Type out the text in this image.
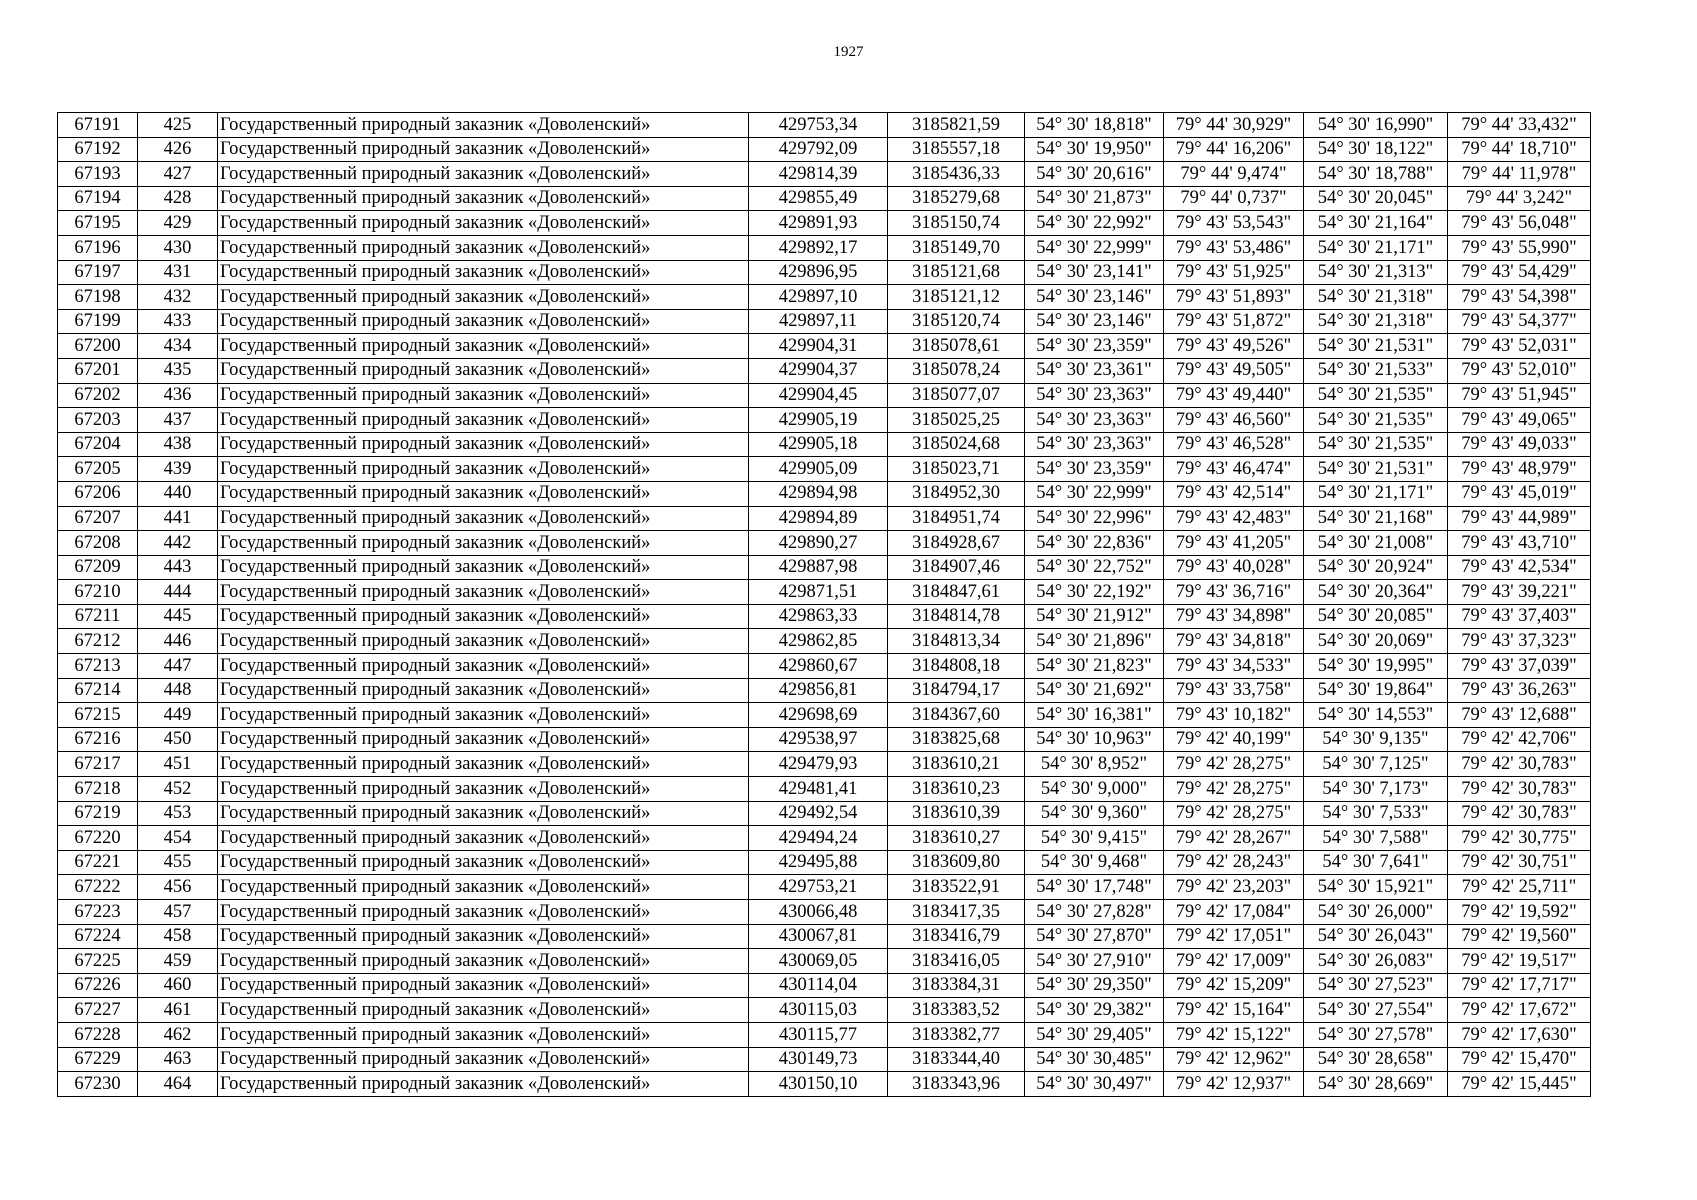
1927
67191	425	Государственный природный заказник «Доволенский»	429753,34	3185821,59	54° 30' 18,818"	79° 44' 30,929"	54° 30' 16,990"	79° 44' 33,432"
67192	426	Государственный природный заказник «Доволенский»	429792,09	3185557,18	54° 30' 19,950"	79° 44' 16,206"	54° 30' 18,122"	79° 44' 18,710"
67193	427	Государственный природный заказник «Доволенский»	429814,39	3185436,33	54° 30' 20,616"	79° 44' 9,474"	54° 30' 18,788"	79° 44' 11,978"
67194	428	Государственный природный заказник «Доволенский»	429855,49	3185279,68	54° 30' 21,873"	79° 44' 0,737"	54° 30' 20,045"	79° 44' 3,242"
67195	429	Государственный природный заказник «Доволенский»	429891,93	3185150,74	54° 30' 22,992"	79° 43' 53,543"	54° 30' 21,164"	79° 43' 56,048"
67196	430	Государственный природный заказник «Доволенский»	429892,17	3185149,70	54° 30' 22,999"	79° 43' 53,486"	54° 30' 21,171"	79° 43' 55,990"
67197	431	Государственный природный заказник «Доволенский»	429896,95	3185121,68	54° 30' 23,141"	79° 43' 51,925"	54° 30' 21,313"	79° 43' 54,429"
67198	432	Государственный природный заказник «Доволенский»	429897,10	3185121,12	54° 30' 23,146"	79° 43' 51,893"	54° 30' 21,318"	79° 43' 54,398"
67199	433	Государственный природный заказник «Доволенский»	429897,11	3185120,74	54° 30' 23,146"	79° 43' 51,872"	54° 30' 21,318"	79° 43' 54,377"
67200	434	Государственный природный заказник «Доволенский»	429904,31	3185078,61	54° 30' 23,359"	79° 43' 49,526"	54° 30' 21,531"	79° 43' 52,031"
67201	435	Государственный природный заказник «Доволенский»	429904,37	3185078,24	54° 30' 23,361"	79° 43' 49,505"	54° 30' 21,533"	79° 43' 52,010"
67202	436	Государственный природный заказник «Доволенский»	429904,45	3185077,07	54° 30' 23,363"	79° 43' 49,440"	54° 30' 21,535"	79° 43' 51,945"
67203	437	Государственный природный заказник «Доволенский»	429905,19	3185025,25	54° 30' 23,363"	79° 43' 46,560"	54° 30' 21,535"	79° 43' 49,065"
67204	438	Государственный природный заказник «Доволенский»	429905,18	3185024,68	54° 30' 23,363"	79° 43' 46,528"	54° 30' 21,535"	79° 43' 49,033"
67205	439	Государственный природный заказник «Доволенский»	429905,09	3185023,71	54° 30' 23,359"	79° 43' 46,474"	54° 30' 21,531"	79° 43' 48,979"
67206	440	Государственный природный заказник «Доволенский»	429894,98	3184952,30	54° 30' 22,999"	79° 43' 42,514"	54° 30' 21,171"	79° 43' 45,019"
67207	441	Государственный природный заказник «Доволенский»	429894,89	3184951,74	54° 30' 22,996"	79° 43' 42,483"	54° 30' 21,168"	79° 43' 44,989"
67208	442	Государственный природный заказник «Доволенский»	429890,27	3184928,67	54° 30' 22,836"	79° 43' 41,205"	54° 30' 21,008"	79° 43' 43,710"
67209	443	Государственный природный заказник «Доволенский»	429887,98	3184907,46	54° 30' 22,752"	79° 43' 40,028"	54° 30' 20,924"	79° 43' 42,534"
67210	444	Государственный природный заказник «Доволенский»	429871,51	3184847,61	54° 30' 22,192"	79° 43' 36,716"	54° 30' 20,364"	79° 43' 39,221"
67211	445	Государственный природный заказник «Доволенский»	429863,33	3184814,78	54° 30' 21,912"	79° 43' 34,898"	54° 30' 20,085"	79° 43' 37,403"
67212	446	Государственный природный заказник «Доволенский»	429862,85	3184813,34	54° 30' 21,896"	79° 43' 34,818"	54° 30' 20,069"	79° 43' 37,323"
67213	447	Государственный природный заказник «Доволенский»	429860,67	3184808,18	54° 30' 21,823"	79° 43' 34,533"	54° 30' 19,995"	79° 43' 37,039"
67214	448	Государственный природный заказник «Доволенский»	429856,81	3184794,17	54° 30' 21,692"	79° 43' 33,758"	54° 30' 19,864"	79° 43' 36,263"
67215	449	Государственный природный заказник «Доволенский»	429698,69	3184367,60	54° 30' 16,381"	79° 43' 10,182"	54° 30' 14,553"	79° 43' 12,688"
67216	450	Государственный природный заказник «Доволенский»	429538,97	3183825,68	54° 30' 10,963"	79° 42' 40,199"	54° 30' 9,135"	79° 42' 42,706"
67217	451	Государственный природный заказник «Доволенский»	429479,93	3183610,21	54° 30' 8,952"	79° 42' 28,275"	54° 30' 7,125"	79° 42' 30,783"
67218	452	Государственный природный заказник «Доволенский»	429481,41	3183610,23	54° 30' 9,000"	79° 42' 28,275"	54° 30' 7,173"	79° 42' 30,783"
67219	453	Государственный природный заказник «Доволенский»	429492,54	3183610,39	54° 30' 9,360"	79° 42' 28,275"	54° 30' 7,533"	79° 42' 30,783"
67220	454	Государственный природный заказник «Доволенский»	429494,24	3183610,27	54° 30' 9,415"	79° 42' 28,267"	54° 30' 7,588"	79° 42' 30,775"
67221	455	Государственный природный заказник «Доволенский»	429495,88	3183609,80	54° 30' 9,468"	79° 42' 28,243"	54° 30' 7,641"	79° 42' 30,751"
67222	456	Государственный природный заказник «Доволенский»	429753,21	3183522,91	54° 30' 17,748"	79° 42' 23,203"	54° 30' 15,921"	79° 42' 25,711"
67223	457	Государственный природный заказник «Доволенский»	430066,48	3183417,35	54° 30' 27,828"	79° 42' 17,084"	54° 30' 26,000"	79° 42' 19,592"
67224	458	Государственный природный заказник «Доволенский»	430067,81	3183416,79	54° 30' 27,870"	79° 42' 17,051"	54° 30' 26,043"	79° 42' 19,560"
67225	459	Государственный природный заказник «Доволенский»	430069,05	3183416,05	54° 30' 27,910"	79° 42' 17,009"	54° 30' 26,083"	79° 42' 19,517"
67226	460	Государственный природный заказник «Доволенский»	430114,04	3183384,31	54° 30' 29,350"	79° 42' 15,209"	54° 30' 27,523"	79° 42' 17,717"
67227	461	Государственный природный заказник «Доволенский»	430115,03	3183383,52	54° 30' 29,382"	79° 42' 15,164"	54° 30' 27,554"	79° 42' 17,672"
67228	462	Государственный природный заказник «Доволенский»	430115,77	3183382,77	54° 30' 29,405"	79° 42' 15,122"	54° 30' 27,578"	79° 42' 17,630"
67229	463	Государственный природный заказник «Доволенский»	430149,73	3183344,40	54° 30' 30,485"	79° 42' 12,962"	54° 30' 28,658"	79° 42' 15,470"
67230	464	Государственный природный заказник «Доволенский»	430150,10	3183343,96	54° 30' 30,497"	79° 42' 12,937"	54° 30' 28,669"	79° 42' 15,445"
